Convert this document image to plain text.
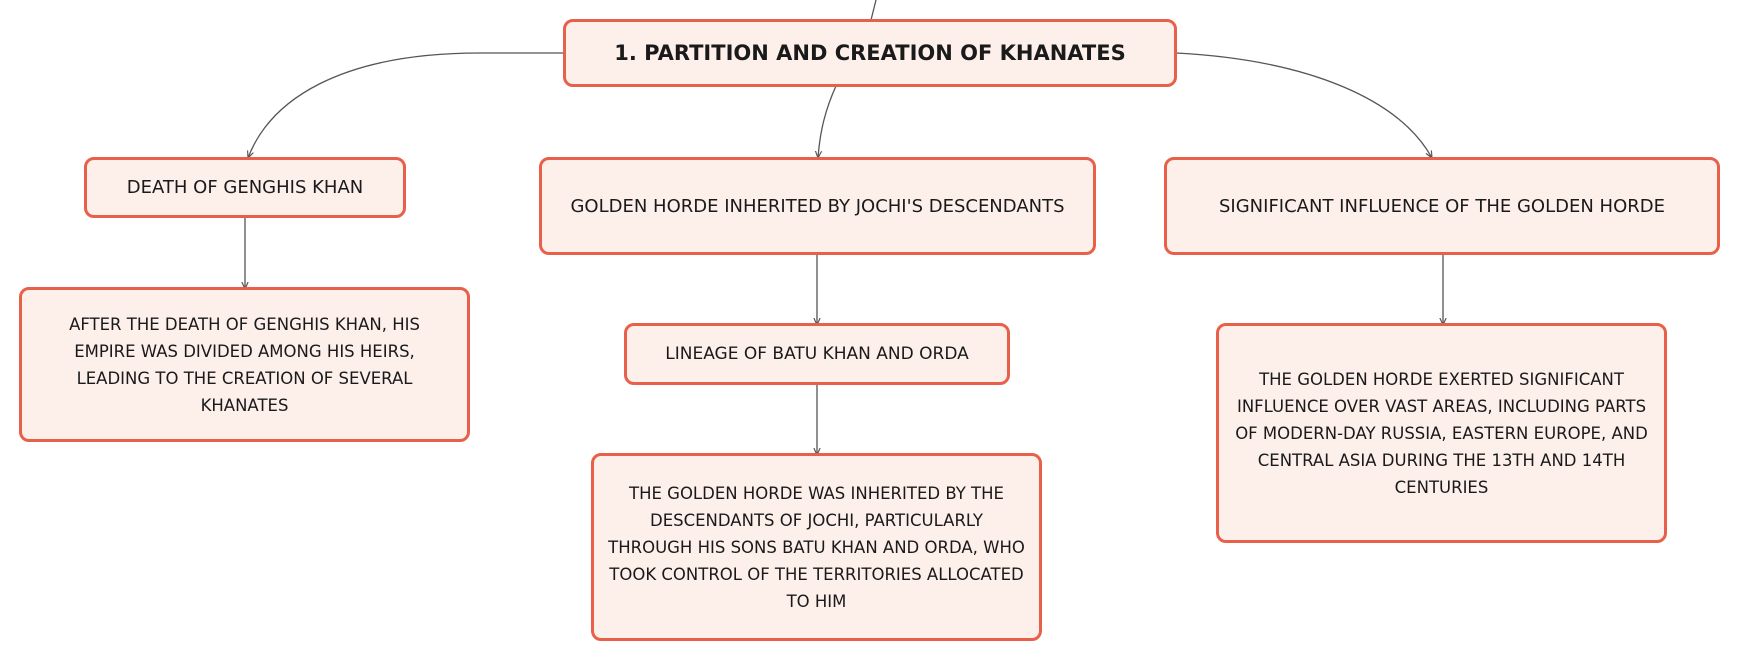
1. PARTITION AND CREATION OF KHANATES
DEATH OF GENGHIS KHAN
GOLDEN HORDE INHERITED BY JOCHI'S DESCENDANTS	SIGNIFICANT INFLUENCE OF THE GOLDEN HORDE
AFTER THE DEATH OF GENGHIS KHAN, HIS EMPIRE WAS DIVIDED AMONG HIS HEIRS, LEADING TO THE CREATION OF SEVERAL KHANATES
LINEAGE OF BATU KHAN AND ORDA
THE GOLDEN HORDE WAS INHERITED BY THE DESCENDANTS OF JOCHI, PARTICULARLY THROUGH HIS SONS BATU KHAN AND ORDA, WHO TOOK CONTROL OF THE TERRITORIES ALLOCATED TO HIM
THE GOLDEN HORDE EXERTED SIGNIFICANT INFLUENCE OVER VAST AREAS, INCLUDING PARTS OF MODERN-DAY RUSSIA, EASTERN EUROPE, AND CENTRAL ASIA DURING THE 13TH AND 14TH CENTURIES
